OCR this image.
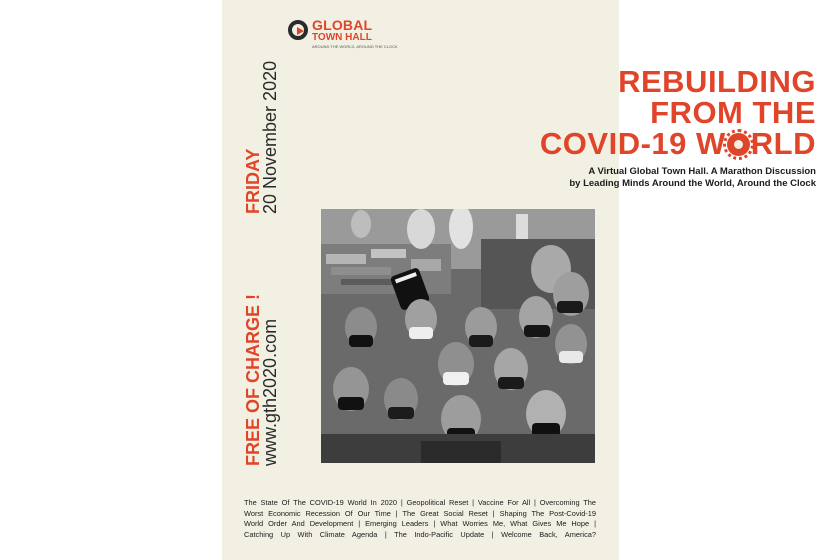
GLOBAL
TOWN HALL
AROUND THE WORLD, AROUND THE CLOCK
REBUILDING
FROM THE
COVID-19 W RLD
A Virtual Global Town Hall. A Marathon Discussion
by Leading Minds Around the World, Around the Clock
FRIDAY
20 November 2020
FREE OF CHARGE !
www.gth2020.com
The State Of The COVID-19 World In 2020 | Geopolitical Reset | Vaccine For All | Overcoming The
Worst Economic Recession Of Our Time | The Great Social Reset | Shaping The Post-Covid-19
World Order And Development | Emerging Leaders | What Worries Me, What Gives Me Hope |
Catching Up With Climate Agenda | The Indo-Pacific Update | Welcome Back, America?
